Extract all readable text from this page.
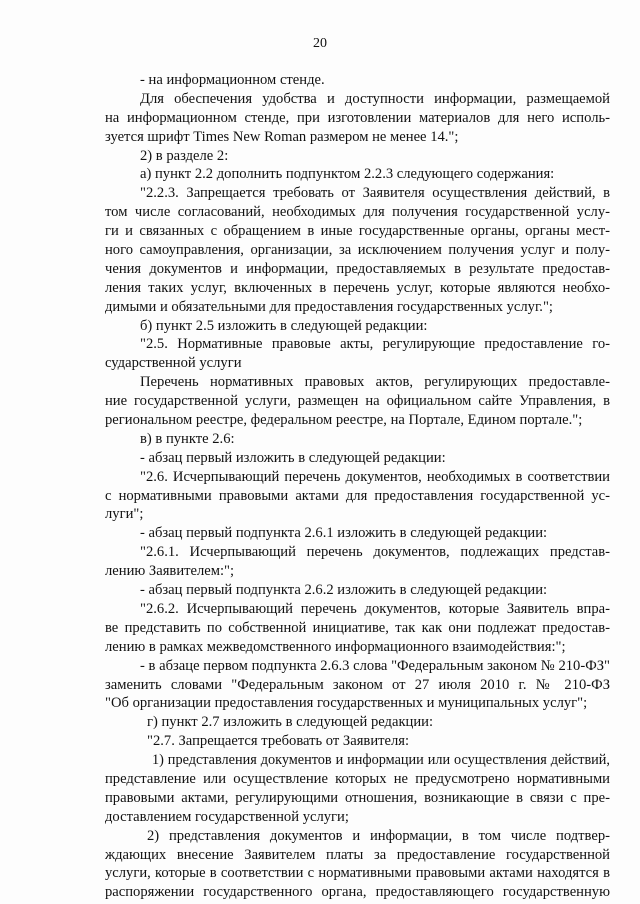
20
- на информационном стенде.
Для обеспечения удобства и доступности информации, размещаемой
на информационном стенде, при изготовлении материалов для него исполь-
зуется шрифт Times New Roman размером не менее 14.";
2) в разделе 2:
а) пункт 2.2 дополнить подпунктом 2.2.3 следующего содержания:
"2.2.3. Запрещается требовать от Заявителя осуществления действий, в
том числе согласований, необходимых для получения государственной услу-
ги и связанных с обращением в иные государственные органы, органы мест-
ного самоуправления, организации, за исключением получения услуг и полу-
чения документов и информации, предоставляемых в результате предостав-
ления таких услуг, включенных в перечень услуг, которые являются необхо-
димыми и обязательными для предоставления государственных услуг.";
б) пункт 2.5 изложить в следующей редакции:
"2.5. Нормативные правовые акты, регулирующие предоставление го-
сударственной услуги
Перечень нормативных правовых актов, регулирующих предоставле-
ние государственной услуги, размещен на официальном сайте Управления, в
региональном реестре, федеральном реестре, на Портале, Едином портале.";
в) в пункте 2.6:
- абзац первый изложить в следующей редакции:
"2.6. Исчерпывающий перечень документов, необходимых в соответствии
с нормативными правовыми актами для предоставления государственной ус-
луги";
- абзац первый подпункта 2.6.1 изложить в следующей редакции:
"2.6.1. Исчерпывающий перечень документов, подлежащих представ-
лению Заявителем:";
- абзац первый подпункта 2.6.2 изложить в следующей редакции:
"2.6.2. Исчерпывающий перечень документов, которые Заявитель впра-
ве представить по собственной инициативе, так как они подлежат предостав-
лению в рамках межведомственного информационного взаимодействия:";
- в абзаце первом подпункта 2.6.3 слова "Федеральным законом № 210-ФЗ"
заменить словами "Федеральным законом от 27 июля 2010 г. № 210-ФЗ
"Об организации предоставления государственных и муниципальных услуг";
г) пункт 2.7 изложить в следующей редакции:
"2.7. Запрещается требовать от Заявителя:
1) представления документов и информации или осуществления действий,
представление или осуществление которых не предусмотрено нормативными
правовыми актами, регулирующими отношения, возникающие в связи с пре-
доставлением государственной услуги;
2) представления документов и информации, в том числе подтвер-
ждающих внесение Заявителем платы за предоставление государственной
услуги, которые в соответствии с нормативными правовыми актами находятся в
распоряжении государственного органа, предоставляющего государственную
